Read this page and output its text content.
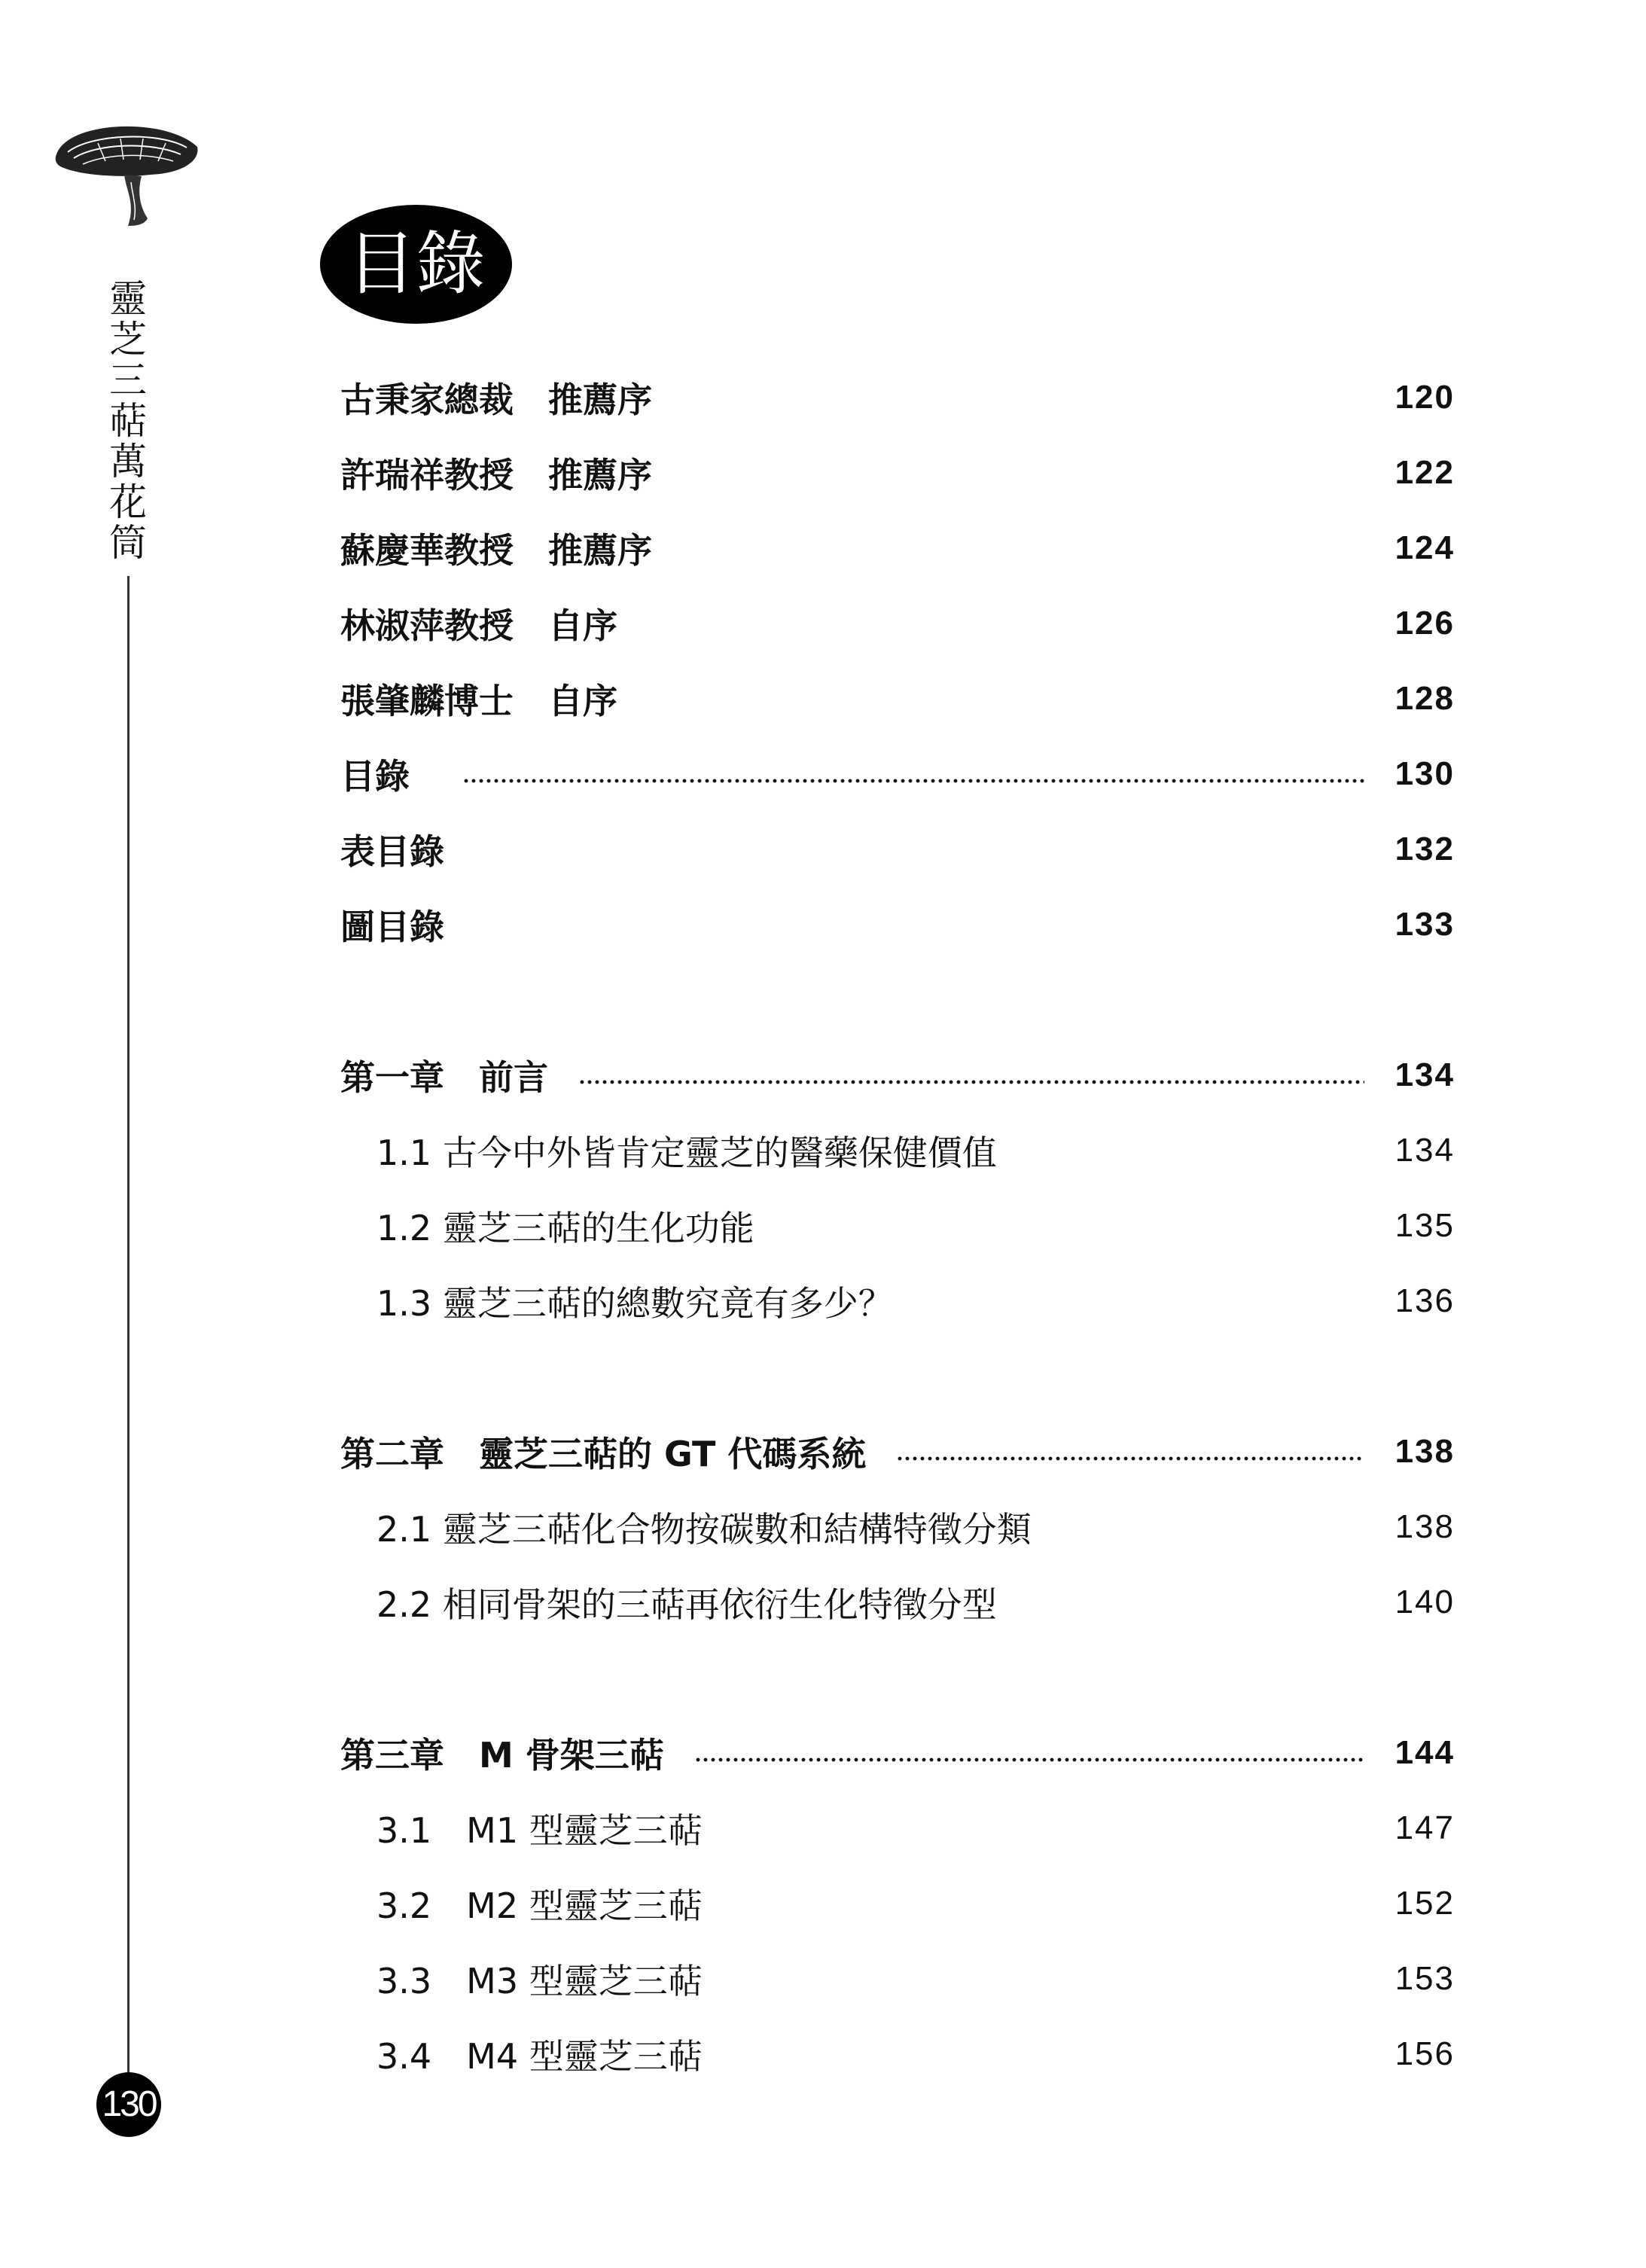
靈芝三萜萬花筒
130
目錄
古秉家總裁　推薦序	120
許瑞祥教授　推薦序	122
蘇慶華教授　推薦序	124
林淑萍教授　自序	126
張肇麟博士　自序	128
目錄	130
表目錄	132
圖目錄	133
第一章　前言	134
1.1 古今中外皆肯定靈芝的醫藥保健價值	134
1.2 靈芝三萜的生化功能	135
1.3 靈芝三萜的總數究竟有多少？	136
第二章　靈芝三萜的 GT 代碼系統	138
2.1 靈芝三萜化合物按碳數和結構特徵分類	138
2.2 相同骨架的三萜再依衍生化特徵分型	140
第三章　M 骨架三萜	144
3.1　M1 型靈芝三萜	147
3.2　M2 型靈芝三萜	152
3.3　M3 型靈芝三萜	153
3.4　M4 型靈芝三萜	156
